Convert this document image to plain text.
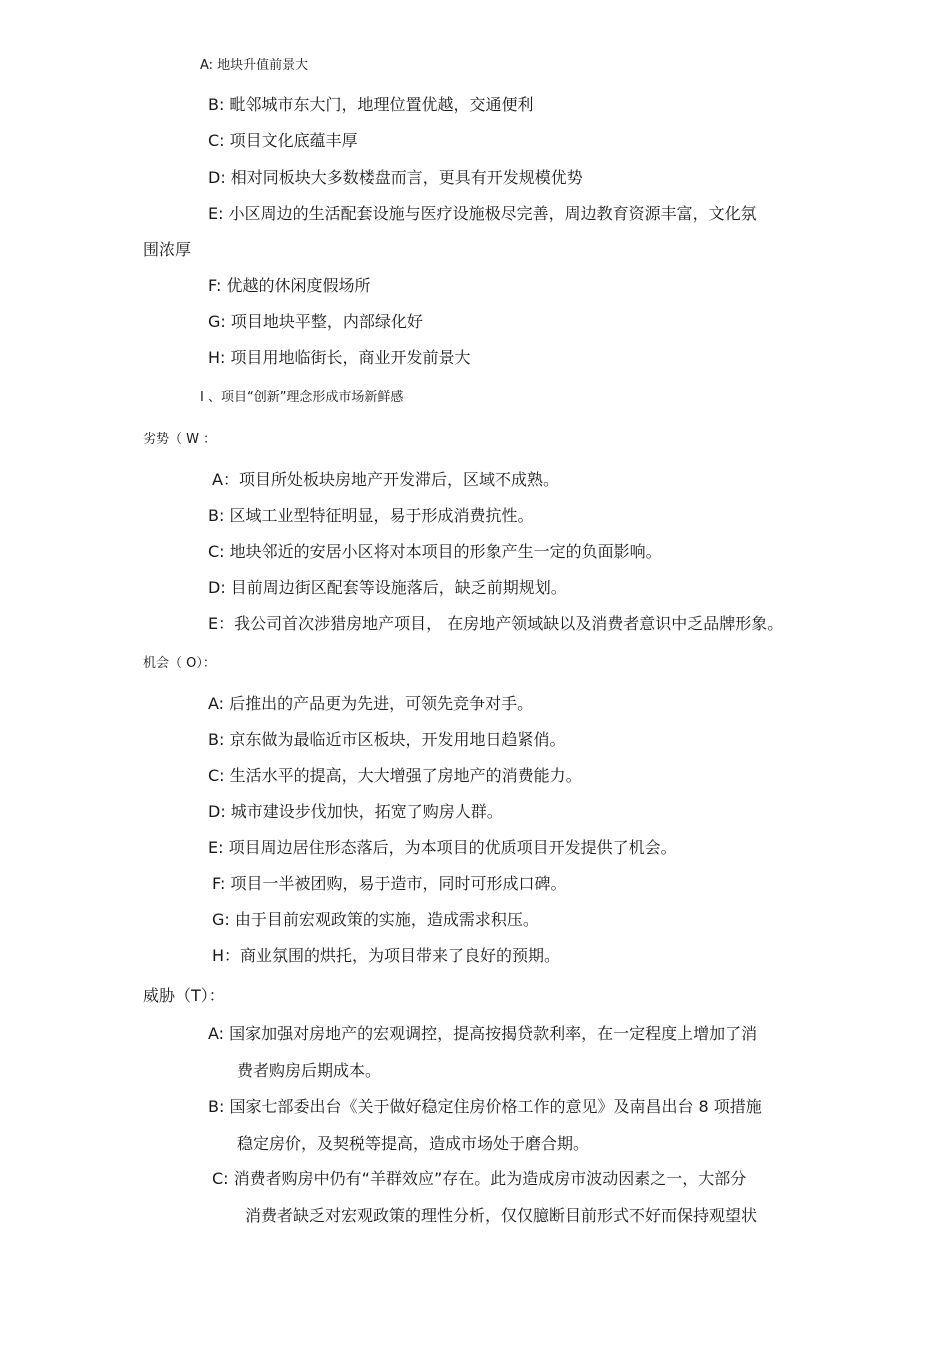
A: 地块升值前景大
B: 毗邻城市东大门，地理位置优越，交通便利
C: 项目文化底蕴丰厚
D: 相对同板块大多数楼盘而言，更具有开发规模优势
E: 小区周边的生活配套设施与医疗设施极尽完善，周边教育资源丰富，文化氛
围浓厚
F: 优越的休闲度假场所
G: 项目地块平整，内部绿化好
H: 项目用地临街长，商业开发前景大
I 、项目“创新”理念形成市场新鲜感
劣势（ W ：
A：项目所处板块房地产开发滞后，区域不成熟。
B: 区域工业型特征明显，易于形成消费抗性。
C: 地块邻近的安居小区将对本项目的形象产生一定的负面影响。
D: 目前周边街区配套等设施落后，缺乏前期规划。
E：我公司首次涉猎房地产项目， 在房地产领域缺以及消费者意识中乏品牌形象。
机会（ O）：
A: 后推出的产品更为先进，可领先竞争对手。
B: 京东做为最临近市区板块，开发用地日趋紧俏。
C: 生活水平的提高，大大增强了房地产的消费能力。
D: 城市建设步伐加快，拓宽了购房人群。
E: 项目周边居住形态落后，为本项目的优质项目开发提供了机会。
F: 项目一半被团购，易于造市，同时可形成口碑。
G: 由于目前宏观政策的实施，造成需求积压。
H：商业氛围的烘托，为项目带来了良好的预期。
威胁（T）：
A: 国家加强对房地产的宏观调控，提高按揭贷款利率，在一定程度上增加了消
费者购房后期成本。
B: 国家七部委出台《关于做好稳定住房价格工作的意见》及南昌出台 8 项措施
稳定房价，及契税等提高，造成市场处于磨合期。
C: 消费者购房中仍有“羊群效应”存在。此为造成房市波动因素之一，大部分
消费者缺乏对宏观政策的理性分析，仅仅臆断目前形式不好而保持观望状
